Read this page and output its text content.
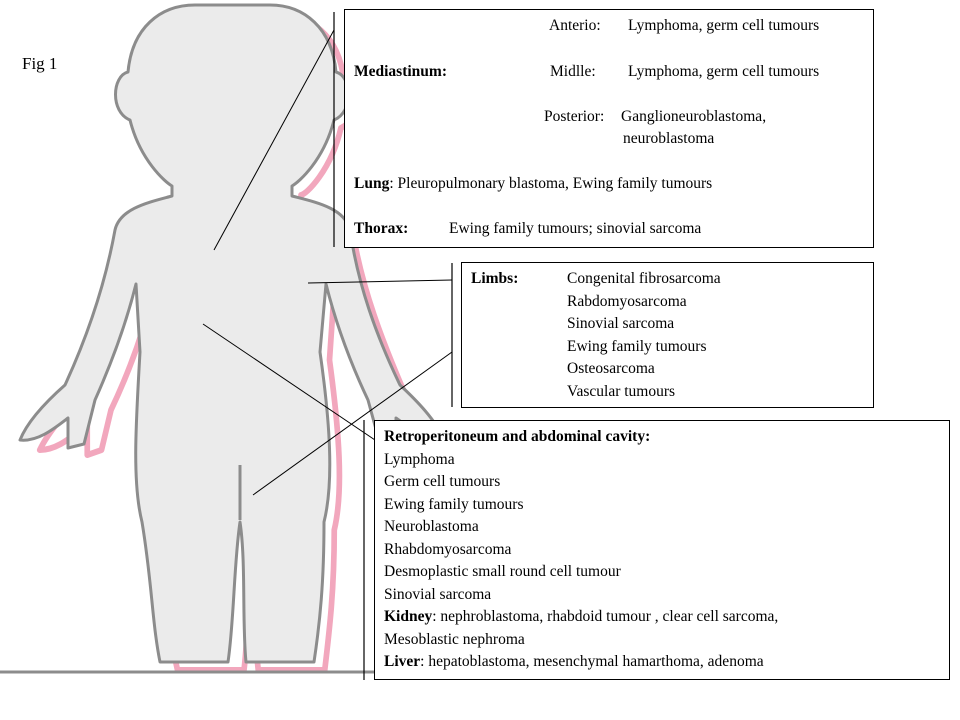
Fig 1
Anterio: Lymphoma, germ cell tumours
Mediastinum:	Midlle: Lymphoma, germ cell tumours
Posterior: Ganglioneuroblastoma,
neuroblastoma
Lung: Pleuropulmonary blastoma, Ewing family tumours
Thorax:	Ewing family tumours; sinovial sarcoma
Limbs:	Congenital fibrosarcoma
Rabdomyosarcoma
Sinovial sarcoma
Ewing family tumours
Osteosarcoma
Vascular tumours
Retroperitoneum and abdominal cavity:
Lymphoma
Germ cell tumours
Ewing family tumours
Neuroblastoma
Rhabdomyosarcoma
Desmoplastic small round cell tumour
Sinovial sarcoma
Kidney: nephroblastoma, rhabdoid tumour , clear cell sarcoma,
Mesoblastic nephroma
Liver: hepatoblastoma, mesenchymal hamarthoma, adenoma
